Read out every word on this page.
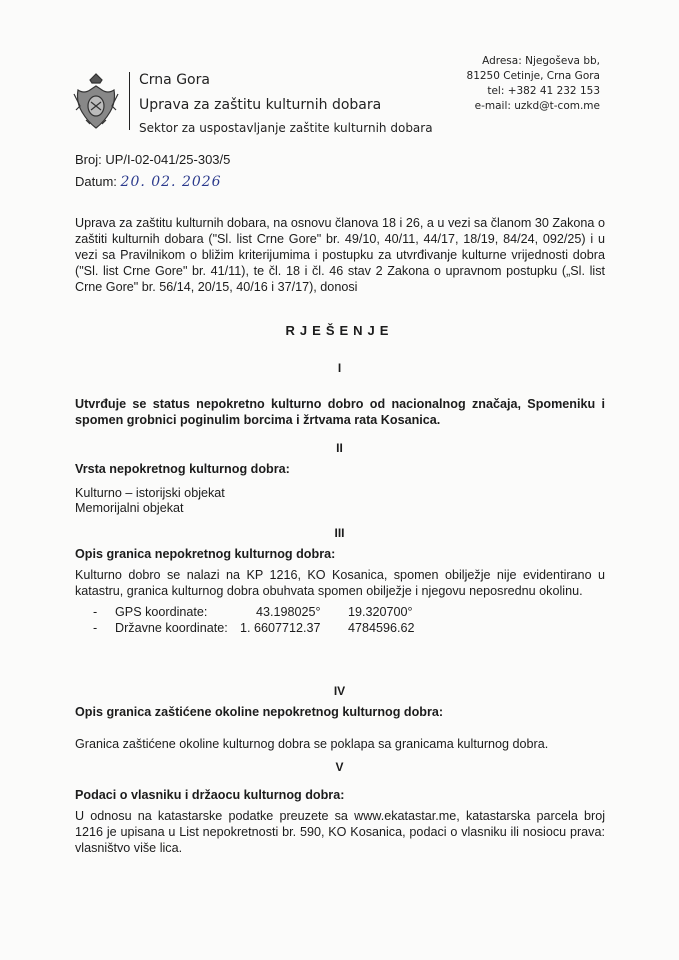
Crna Gora
Uprava za zaštitu kulturnih dobara
Sektor za uspostavljanje zaštite kulturnih dobara
Adresa: Njegoševa bb,
81250 Cetinje, Crna Gora
tel: +382 41 232 153
e-mail: uzkd@t-com.me
Broj: UP/I-02-041/25-303/5
Datum: 20. 02. 2026
Uprava za zaštitu kulturnih dobara, na osnovu članova 18 i 26, a u vezi sa članom 30 Zakona o zaštiti kulturnih dobara ("Sl. list Crne Gore" br. 49/10, 40/11, 44/17, 18/19, 84/24, 092/25) i u vezi sa Pravilnikom o bližim kriterijumima i postupku za utvrđivanje kulturne vrijednosti dobra ("Sl. list Crne Gore" br. 41/11), te čl. 18 i čl. 46 stav 2 Zakona o upravnom postupku („Sl. list Crne Gore" br. 56/14, 20/15, 40/16 i 37/17), donosi
RJEŠENJE
I
Utvrđuje se status nepokretno kulturno dobro od nacionalnog značaja, Spomeniku i spomen grobnici poginulim borcima i žrtvama rata Kosanica.
II
Vrsta nepokretnog kulturnog dobra:
Kulturno – istorijski objekat
Memorijalni objekat
III
Opis granica nepokretnog kulturnog dobra:
Kulturno dobro se nalazi na KP 1216, KO Kosanica, spomen obilježje nije evidentirano u katastru, granica kulturnog dobra obuhvata spomen obilježje i njegovu neposrednu okolinu.
- GPS koordinate:	43.198025° 19.320700°
- Državne koordinate: 1. 6607712.37 4784596.62
IV
Opis granica zaštićene okoline nepokretnog kulturnog dobra:
Granica zaštićene okoline kulturnog dobra se poklapa sa granicama kulturnog dobra.
V
Podaci o vlasniku i držaocu kulturnog dobra:
U odnosu na katastarske podatke preuzete sa www.ekatastar.me, katastarska parcela broj 1216 je upisana u List nepokretnosti br. 590, KO Kosanica, podaci o vlasniku ili nosiocu prava: vlasništvo više lica.
